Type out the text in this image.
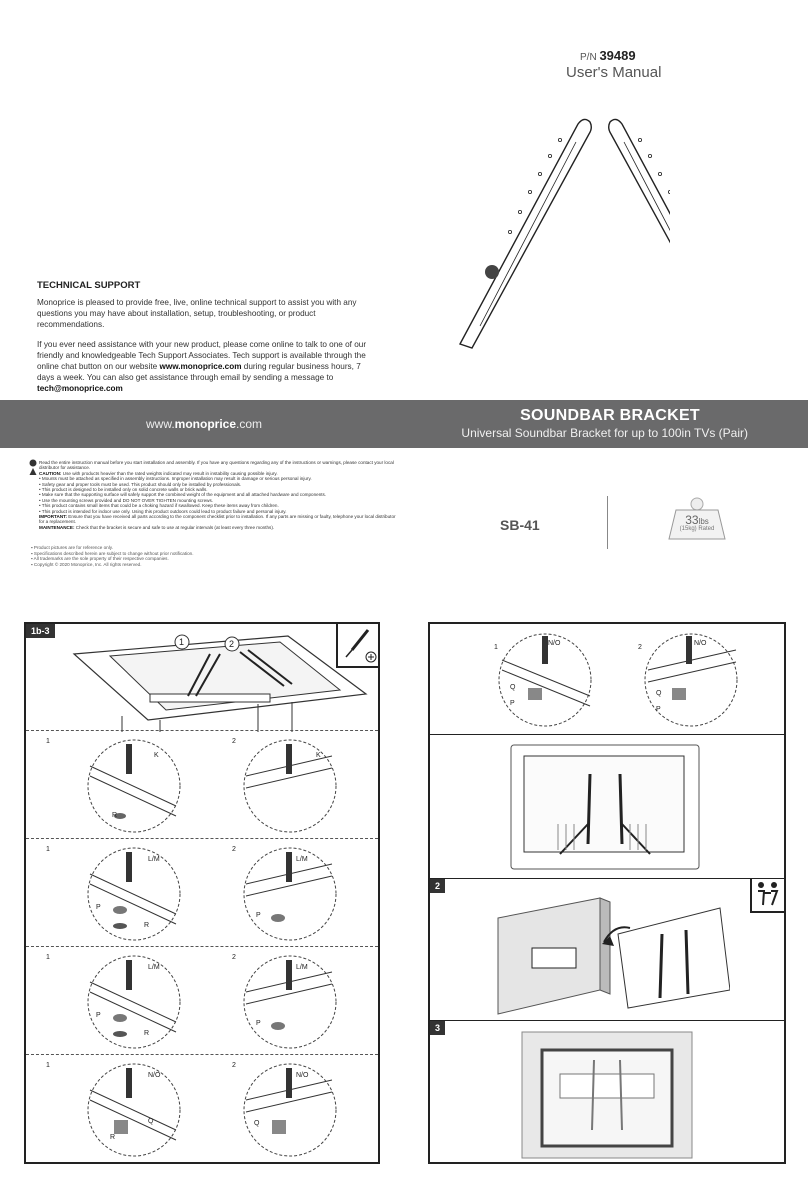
P/N 39489
User's Manual
TECHNICAL SUPPORT

Monoprice is pleased to provide free, live, online technical support to assist you with any questions you may have about installation, setup, troubleshooting, or product recommendations.

If you ever need assistance with your new product, please come online to talk to one of our friendly and knowledgeable Tech Support Associates. Tech support is available through the online chat button on our website www.monoprice.com during regular business hours, 7 days a week. You can also get assistance through email by sending a message to tech@monoprice.com

www.monoprice.com	SOUNDBAR BRACKET
Universal Soundbar Bracket for up to 100in TVs (Pair)
Read the entire instruction manual before you start installation and assembly. If you have any questions regarding any of the instructions or warnings, please contact your local distributor for assistance.
CAUTION: Use with products heavier than the rated weights indicated may result in instability causing possible injury.
• Mounts must be attached as specified in assembly instructions. Improper installation may result in damage or serious personal injury.
• Safety gear and proper tools must be used. This product should only be installed by professionals.
• This product is designed to be installed only on solid concrete walls or brick walls.
• Make sure that the supporting surface will safely support the combined weight of the equipment and all attached hardware and components.
• Use the mounting screws provided and DO NOT OVER TIGHTEN mounting screws.
• This product contains small items that could be a choking hazard if swallowed. Keep these items away from children.
• This product is intended for indoor use only. Using this product outdoors could lead to product failure and personal injury.
IMPORTANT: Ensure that you have received all parts according to the component checklist prior to installation. If any parts are missing or faulty, telephone your local distributor for a replacement.
MAINTENANCE: Check that the bracket is secure and safe to use at regular intervals (at least every three months).
▪ Product pictures are for reference only.
▪ Specifications described herein are subject to change without prior notification.
▪ All trademarks are the sole property of their respective companies.
▪ Copyright © 2020 Monoprice, Inc. All rights reserved.
SB-41	33lbs
(15kg) Rated
1b-3
1	2
1
K
R
2
K
1
L/M
P
R
2
L/M
P
1
L/M
P
R
2
L/M
P
1
N/O
R
Q
2
N/O
Q
1
N/O
Q
P
2
N/O
Q
P
2
3
